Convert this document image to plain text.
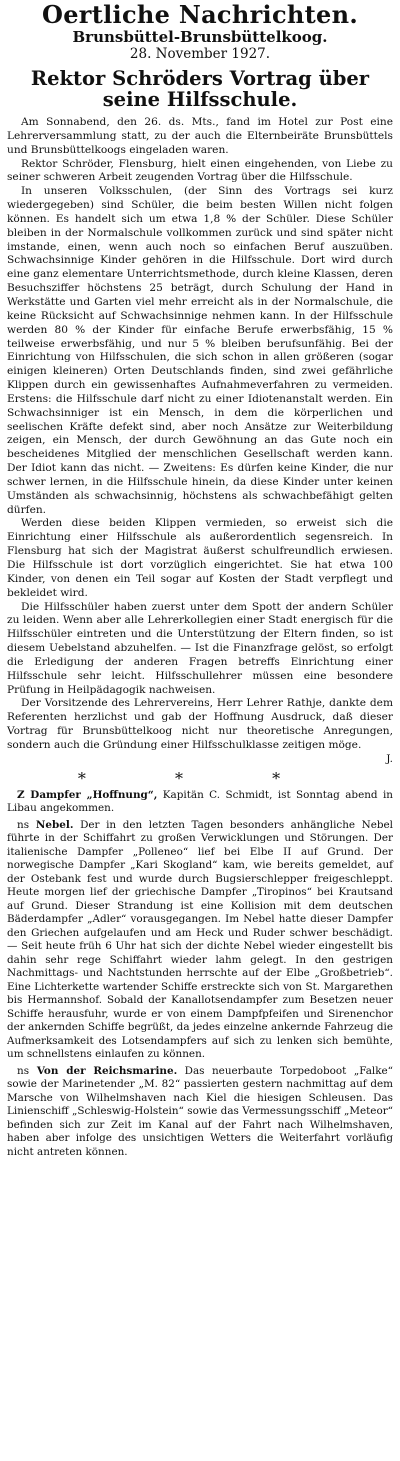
Oertliche Nachrichten.
Brunsbüttel-Brunsbüttelkoog.
28. November 1927.
Rektor Schröders Vortrag über seine Hilfsschule.

Am Sonnabend, den 26. ds. Mts., fand im Hotel zur Post eine Lehrerversammlung statt, zu der auch die Elternbeiräte Brunsbüttels und Brunsbüttelkoogs eingeladen waren.

Rektor Schröder, Flensburg, hielt einen eingehenden, von Liebe zu seiner schweren Arbeit zeugenden Vortrag über die Hilfsschule.

In unseren Volksschulen, (der Sinn des Vortrags sei kurz wiedergegeben) sind Schüler, die beim besten Willen nicht folgen können. Es handelt sich um etwa 1,8 % der Schüler. Diese Schüler bleiben in der Normalschule vollkommen zurück und sind später nicht imstande, einen, wenn auch noch so einfachen Beruf auszuüben. Schwachsinnige Kinder gehören in die Hilfsschule. Dort wird durch eine ganz elementare Unterrichtsmethode, durch kleine Klassen, deren Besuchsziffer höchstens 25 beträgt, durch Schulung der Hand in Werkstätte und Garten viel mehr erreicht als in der Normalschule, die keine Rücksicht auf Schwachsinnige nehmen kann. In der Hilfsschule werden 80 % der Kinder für einfache Berufe erwerbsfähig, 15 % teilweise erwerbsfähig, und nur 5 % bleiben berufsunfähig. Bei der Einrichtung von Hilfsschulen, die sich schon in allen größeren (sogar einigen kleineren) Orten Deutschlands finden, sind zwei gefährliche Klippen durch ein gewissenhaftes Aufnahmeverfahren zu vermeiden. Erstens: die Hilfsschule darf nicht zu einer Idiotenanstalt werden. Ein Schwachsinniger ist ein Mensch, in dem die körperlichen und seelischen Kräfte defekt sind, aber noch Ansätze zur Weiterbildung zeigen, ein Mensch, der durch Gewöhnung an das Gute noch ein bescheidenes Mitglied der menschlichen Gesellschaft werden kann. Der Idiot kann das nicht. — Zweitens: Es dürfen keine Kinder, die nur schwer lernen, in die Hilfsschule hinein, da diese Kinder unter keinen Umständen als schwachsinnig, höchstens als schwachbefähigt gelten dürfen.

Werden diese beiden Klippen vermieden, so erweist sich die Einrichtung einer Hilfsschule als außerordentlich segensreich. In Flensburg hat sich der Magistrat äußerst schulfreundlich erwiesen. Die Hilfsschule ist dort vorzüglich eingerichtet. Sie hat etwa 100 Kinder, von denen ein Teil sogar auf Kosten der Stadt verpflegt und bekleidet wird.

Die Hilfsschüler haben zuerst unter dem Spott der andern Schüler zu leiden. Wenn aber alle Lehrerkollegien einer Stadt energisch für die Hilfsschüler eintreten und die Unterstützung der Eltern finden, so ist diesem Uebelstand abzuhelfen. — Ist die Finanzfrage gelöst, so erfolgt die Erledigung der anderen Fragen betreffs Einrichtung einer Hilfsschule sehr leicht. Hilfsschullehrer müssen eine besondere Prüfung in Heilpädagogik nachweisen.

Der Vorsitzende des Lehrervereins, Herr Lehrer Rathje, dankte dem Referenten herzlichst und gab der Hoffnung Ausdruck, daß dieser Vortrag für Brunsbüttelkoog nicht nur theoretische Anregungen, sondern auch die Gründung einer Hilfsschulklasse zeitigen möge.

J.
* * *

Z Dampfer „Hoffnung“, Kapitän C. Schmidt, ist Sonntag abend in Libau angekommen.

ns Nebel. Der in den letzten Tagen besonders anhängliche Nebel führte in der Schiffahrt zu großen Verwicklungen und Störungen. Der italienische Dampfer „Polleneo“ lief bei Elbe II auf Grund. Der norwegische Dampfer „Kari Skogland“ kam, wie bereits gemeldet, auf der Ostebank fest und wurde durch Bugsierschlepper freigeschleppt. Heute morgen lief der griechische Dampfer „Tiropinos“ bei Krautsand auf Grund. Dieser Strandung ist eine Kollision mit dem deutschen Bäderdampfer „Adler“ vorausgegangen. Im Nebel hatte dieser Dampfer den Griechen aufgelaufen und am Heck und Ruder schwer beschädigt. — Seit heute früh 6 Uhr hat sich der dichte Nebel wieder eingestellt bis dahin sehr rege Schiffahrt wieder lahm gelegt. In den gestrigen Nachmittags- und Nachtstunden herrschte auf der Elbe „Großbetrieb“. Eine Lichterkette wartender Schiffe erstreckte sich von St. Margarethen bis Hermannshof. Sobald der Kanallotsendampfer zum Besetzen neuer Schiffe herausfuhr, wurde er von einem Dampfpfeifen und Sirenenchor der ankernden Schiffe begrüßt, da jedes einzelne ankernde Fahrzeug die Aufmerksamkeit des Lotsendampfers auf sich zu lenken sich bemühte, um schnellstens einlaufen zu können.

ns Von der Reichsmarine. Das neuerbaute Torpedoboot „Falke“ sowie der Marinetender „M. 82“ passierten gestern nachmittag auf dem Marsche von Wilhelmshaven nach Kiel die hiesigen Schleusen. Das Linienschiff „Schleswig-Holstein“ sowie das Vermessungsschiff „Meteor“ befinden sich zur Zeit im Kanal auf der Fahrt nach Wilhelmshaven, haben aber infolge des unsichtigen Wetters die Weiterfahrt vorläufig nicht antreten können.
